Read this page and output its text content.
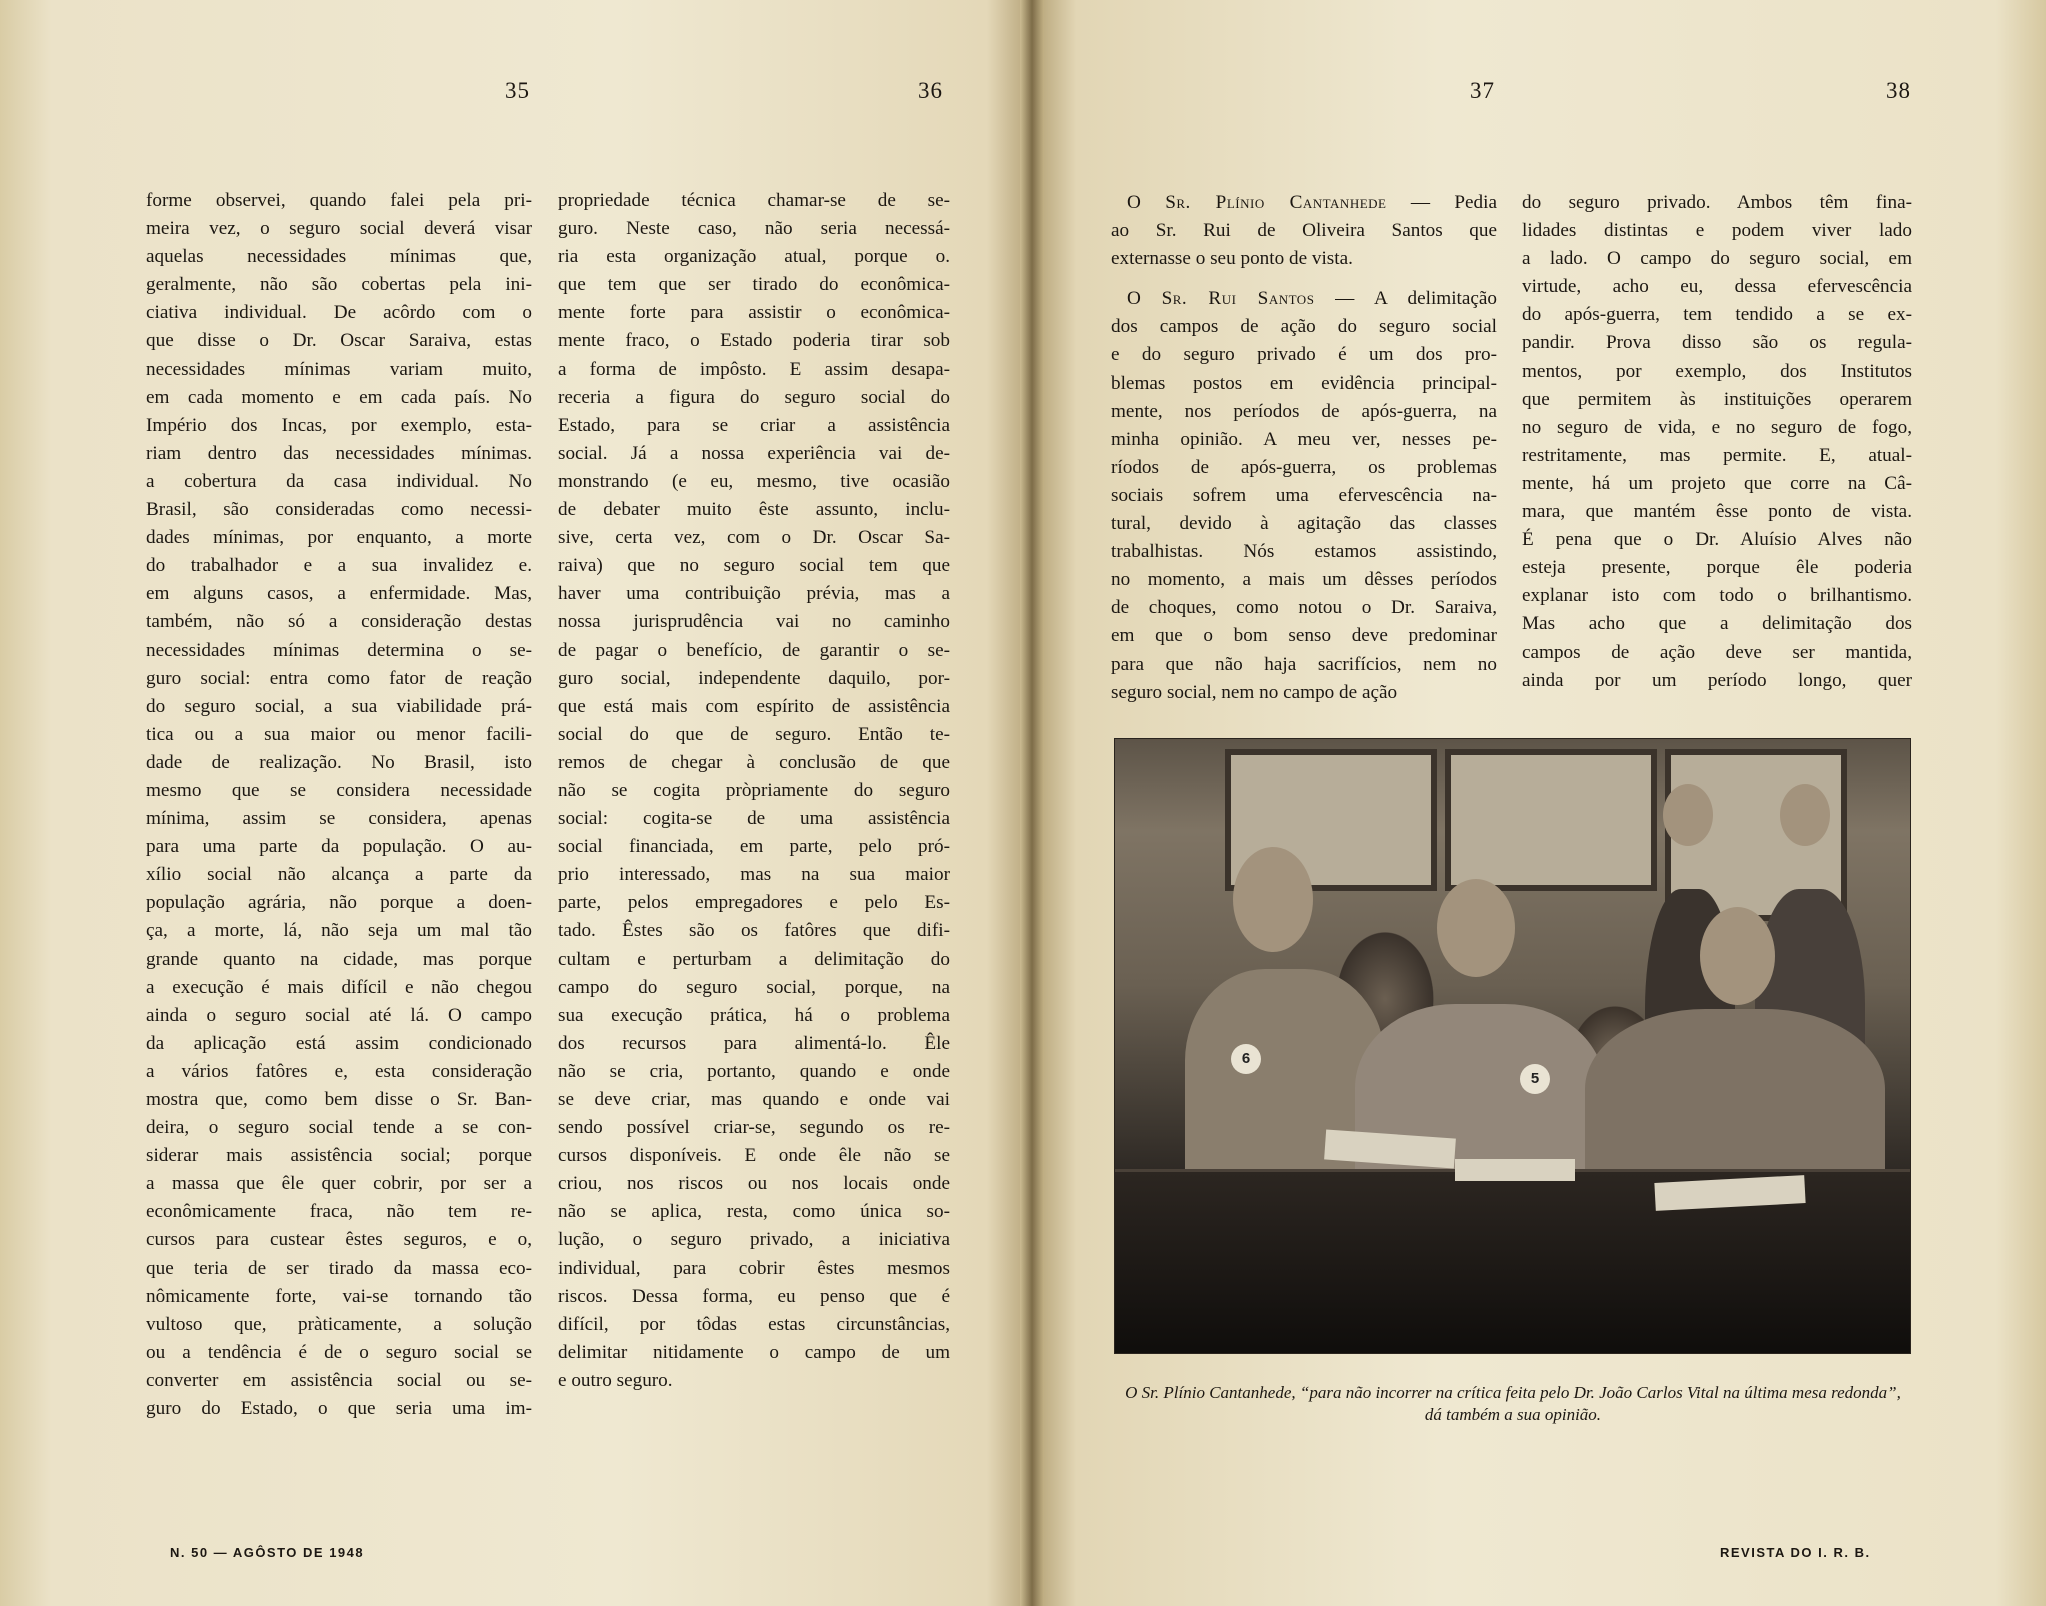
35	36	37	38
forme observei, quando falei pela pri-
meira vez, o seguro social deverá visar
aquelas necessidades mínimas que,
geralmente, não são cobertas pela ini-
ciativa individual. De acôrdo com o
que disse o Dr. Oscar Saraiva, estas
necessidades mínimas variam muito,
em cada momento e em cada país. No
Império dos Incas, por exemplo, esta-
riam dentro das necessidades mínimas.
a cobertura da casa individual. No
Brasil, são consideradas como necessi-
dades mínimas, por enquanto, a morte
do trabalhador e a sua invalidez e.
em alguns casos, a enfermidade. Mas,
também, não só a consideração destas
necessidades mínimas determina o se-
guro social: entra como fator de reação
do seguro social, a sua viabilidade prá-
tica ou a sua maior ou menor facili-
dade de realização. No Brasil, isto
mesmo que se considera necessidade
mínima, assim se considera, apenas
para uma parte da população. O au-
xílio social não alcança a parte da
população agrária, não porque a doen-
ça, a morte, lá, não seja um mal tão
grande quanto na cidade, mas porque
a execução é mais difícil e não chegou
ainda o seguro social até lá. O campo
da aplicação está assim condicionado
a vários fatôres e, esta consideração
mostra que, como bem disse o Sr. Ban-
deira, o seguro social tende a se con-
siderar mais assistência social; porque
a massa que êle quer cobrir, por ser a
econômicamente fraca, não tem re-
cursos para custear êstes seguros, e o,
que teria de ser tirado da massa eco-
nômicamente forte, vai-se tornando tão
vultoso que, pràticamente, a solução
ou a tendência é de o seguro social se
converter em assistência social ou se-
guro do Estado, o que seria uma im-
propriedade técnica chamar-se de se-
guro. Neste caso, não seria necessá-
ria esta organização atual, porque o.
que tem que ser tirado do econômica-
mente forte para assistir o econômica-
mente fraco, o Estado poderia tirar sob
a forma de impôsto. E assim desapa-
receria a figura do seguro social do
Estado, para se criar a assistência
social. Já a nossa experiência vai de-
monstrando (e eu, mesmo, tive ocasião
de debater muito êste assunto, inclu-
sive, certa vez, com o Dr. Oscar Sa-
raiva) que no seguro social tem que
haver uma contribuição prévia, mas a
nossa jurisprudência vai no caminho
de pagar o benefício, de garantir o se-
guro social, independente daquilo, por-
que está mais com espírito de assistência
social do que de seguro. Então te-
remos de chegar à conclusão de que
não se cogita pròpriamente do seguro
social: cogita-se de uma assistência
social financiada, em parte, pelo pró-
prio interessado, mas na sua maior
parte, pelos empregadores e pelo Es-
tado. Êstes são os fatôres que difi-
cultam e perturbam a delimitação do
campo do seguro social, porque, na
sua execução prática, há o problema
dos recursos para alimentá-lo. Êle
não se cria, portanto, quando e onde
se deve criar, mas quando e onde vai
sendo possível criar-se, segundo os re-
cursos disponíveis. E onde êle não se
criou, nos riscos ou nos locais onde
não se aplica, resta, como única so-
lução, o seguro privado, a iniciativa
individual, para cobrir êstes mesmos
riscos. Dessa forma, eu penso que é
difícil, por tôdas estas circunstâncias,
delimitar nitidamente o campo de um
e outro seguro.
O Sr. Plínio Cantanhede — Pedia
ao Sr. Rui de Oliveira Santos que
externasse o seu ponto de vista.
O Sr. Rui Santos — A delimitação
dos campos de ação do seguro social
e do seguro privado é um dos pro-
blemas postos em evidência principal-
mente, nos períodos de após-guerra, na
minha opinião. A meu ver, nesses pe-
ríodos de após-guerra, os problemas
sociais sofrem uma efervescência na-
tural, devido à agitação das classes
trabalhistas. Nós estamos assistindo,
no momento, a mais um dêsses períodos
de choques, como notou o Dr. Saraiva,
em que o bom senso deve predominar
para que não haja sacrifícios, nem no
seguro social, nem no campo de ação
do seguro privado. Ambos têm fina-
lidades distintas e podem viver lado
a lado. O campo do seguro social, em
virtude, acho eu, dessa efervescência
do após-guerra, tem tendido a se ex-
pandir. Prova disso são os regula-
mentos, por exemplo, dos Institutos
que permitem às instituições operarem
no seguro de vida, e no seguro de fogo,
restritamente, mas permite. E, atual-
mente, há um projeto que corre na Câ-
mara, que mantém êsse ponto de vista.
É pena que o Dr. Aluísio Alves não
esteja presente, porque êle poderia
explanar isto com todo o brilhantismo.
Mas acho que a delimitação dos
campos de ação deve ser mantida,
ainda por um período longo, quer
6
5
O Sr. Plínio Cantanhede, “para não incorrer na crítica feita pelo Dr. João Carlos Vital na última mesa redonda”, dá também a sua opinião.
N. 50 — AGÔSTO DE 1948	REVISTA DO I. R. B.
